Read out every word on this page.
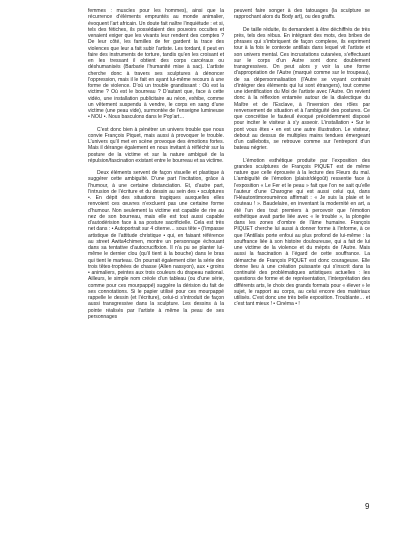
femmes : muscles pour les hommes), ainsi que la récurrence d’éléments empruntés au monde animalier, évoquent l’art africain. Un doute fait naître l’inquiétude : et si, tels des fétiches, ils possédaient des pouvoirs occultes et venaient exiger que les vivants leur rendent des comptes ? De leur côté, les familles de fer gardent la trace des violences que leur a fait subir l’artiste. Les tordant, il peut en faire des instruments de torture, tandis qu’en les croisant et en les tressant il obtient des corps carcéraux ou déshumanisés (Barbarie l’humanité mise à sac). L’artiste cherche donc à travers ses sculptures à dénoncer l’oppression, mais il le fait en ayant lui-même recours à une forme de violence. D’où un trouble grandissant : Où est la victime ? Où est le bourreau ? D’autant que, face à cette vidéo, une installation publicitaire au néon, exhibe, comme un vêtement suspendu à vendre, le corps en sang d’une victime (une peau vide), surmontée de l’enseigne lumineuse • NOU •. Nous basculons dans le Pop’art…

C’est donc bien à pénétrer un univers trouble que nous convie François Piquet, mais aussi à provoquer le trouble. L’univers qu’il met en scène provoque des émotions fortes. Mais il dérange également en nous invitant à réfléchir sur la posture de la victime et sur la nature ambiguë de la répulsion/fascination existant entre le bourreau et sa victime.

Deux éléments servent de façon visuelle et plastique à suggérer cette ambiguïté. D’une part l’incitation, grâce à l’humour, à une certaine distanciation. Et, d’autre part, l’intrusion de l’écriture et du dessin au sein des • sculptures •. En dépit des situations tragiques auxquelles elles renvoient ces œuvres n’excluent pas une certaine forme d’humour. Non seulement la victime est capable de rire au nez de son bourreau, mais elle est tout aussi capable d’autodérision face à sa posture sacrificielle. Cela est très net dans : • Autoportrait sur 4 citerne… sous tête • (l’impasse artistique de l’attitude christique • qui, en faisant référence au street Awita4chimen, montre un personnage échouant dans sa tentative d’autocrucifixion. Il n’a pu se planter lui-même le dernier clou (qu’il tient à la bouche) dans le bras qui tient le marteau. On pourrait également citer la série des trois têtes·trophées de chasse (Allen nassyon), aux • groins • animaliers, peintes aux trois couleurs du drapeau national. Ailleurs, le simple nom créole d’un tableau (ou d’une série, comme pour ces mourpappé) suggère la dérision du fait de ses connotations. Si le papier utilisé pour ces mourpappé rappelle le dessin (et l’écriture), celui-ci s’introduit de façon aussi transgressive dans la sculpture. Les dessins à la pointe réalisés par l’artiste à même la peau de ses personnages

peuvent faire songer à des tatouages (la sculpture se rapprochant alors du Body art), ou des graffs.

De taille réduite, ils demandent à être déchiffrés de très près, tels des rébus. En intégrant des mots, des bribes de phrases qui s’imbriquent de façon complexe, ils expriment tour à la fois le contexte antillais dans lequel vit l’artiste et son univers mental. Ces incrustations cutanées, s’effectuant sur le corps d’un Autre sont donc doublement transgressives. On peut alors y voir la une forme d’appropriation de l’Autre (marqué comme sur le troupeau), de sa dépersonnalisation (l’Autre se voyant contraint d’intégrer des éléments qui lui sont étrangers), tout comme une identification du Moi de l’artiste avec l’Autre. On revient donc à la réflexion entamée autour de la dialectique du Maître et de l’Esclave, à l’inversion des rôles par renversement de situation et à l’ambiguïté des postures. Ce que concrétise le fauteuil évoqué précédemment disposé pour inciter le visiteur à s’y asseoir. L’installation • Sur le pont vous êtes • en est une autre illustration. Le visiteur, debout au dessus de multiples mains tendues émergeant d’un caillebotis, se retrouve comme sur l’entrepont d’un bateau négrier.

L’émotion esthétique produite par l’exposition des grandes sculptures de François PIQUET est de même nature que celle éprouvée à la lecture des Fleurs du mal. L’ambiguïté de l’émotion (plaisir/dégoût) ressentie face à l’exposition « Le Fer et le peau » fait que l’on ne sait qu’elle l’auteur d’une Charogne qui est aussi celui qui, dans l’Héautontimorouménos affirmait : « Je suis la plaie et le couteau ! ». Baudelaire, en inventant la modernité en art, a été l’un des tout premiers à percevoir que l’émotion esthétique avait partie liée avec « le trouble », la plongée dans les zones d’ombre de l’âme humaine. François PIQUET cherche lui aussi à donner forme à l’informe, à ce que l’Antillais porte enfoui au plus profond de lui-même : la souffrance liée à son histoire douloureuse, qui a fait de lui une victime de la violence et du mépris de l’Autre. Mais aussi la fascination à l’égard de cette souffrance. La démarche de François PIQUET est donc courageuse. Elle donne lieu à une création puissante qui s’inscrit dans la continuité des problématiques artistiques actuelles : les questions de forme et de représentation, l’interprétation des différents arts, le choix des grands formats pour « élever » le sujet, le rapport au corps, au celui encore des matériaux utilisés. C’est donc une très belle exposition. Troublante… et c’est tant mieux ! • Cinéma • !

9
